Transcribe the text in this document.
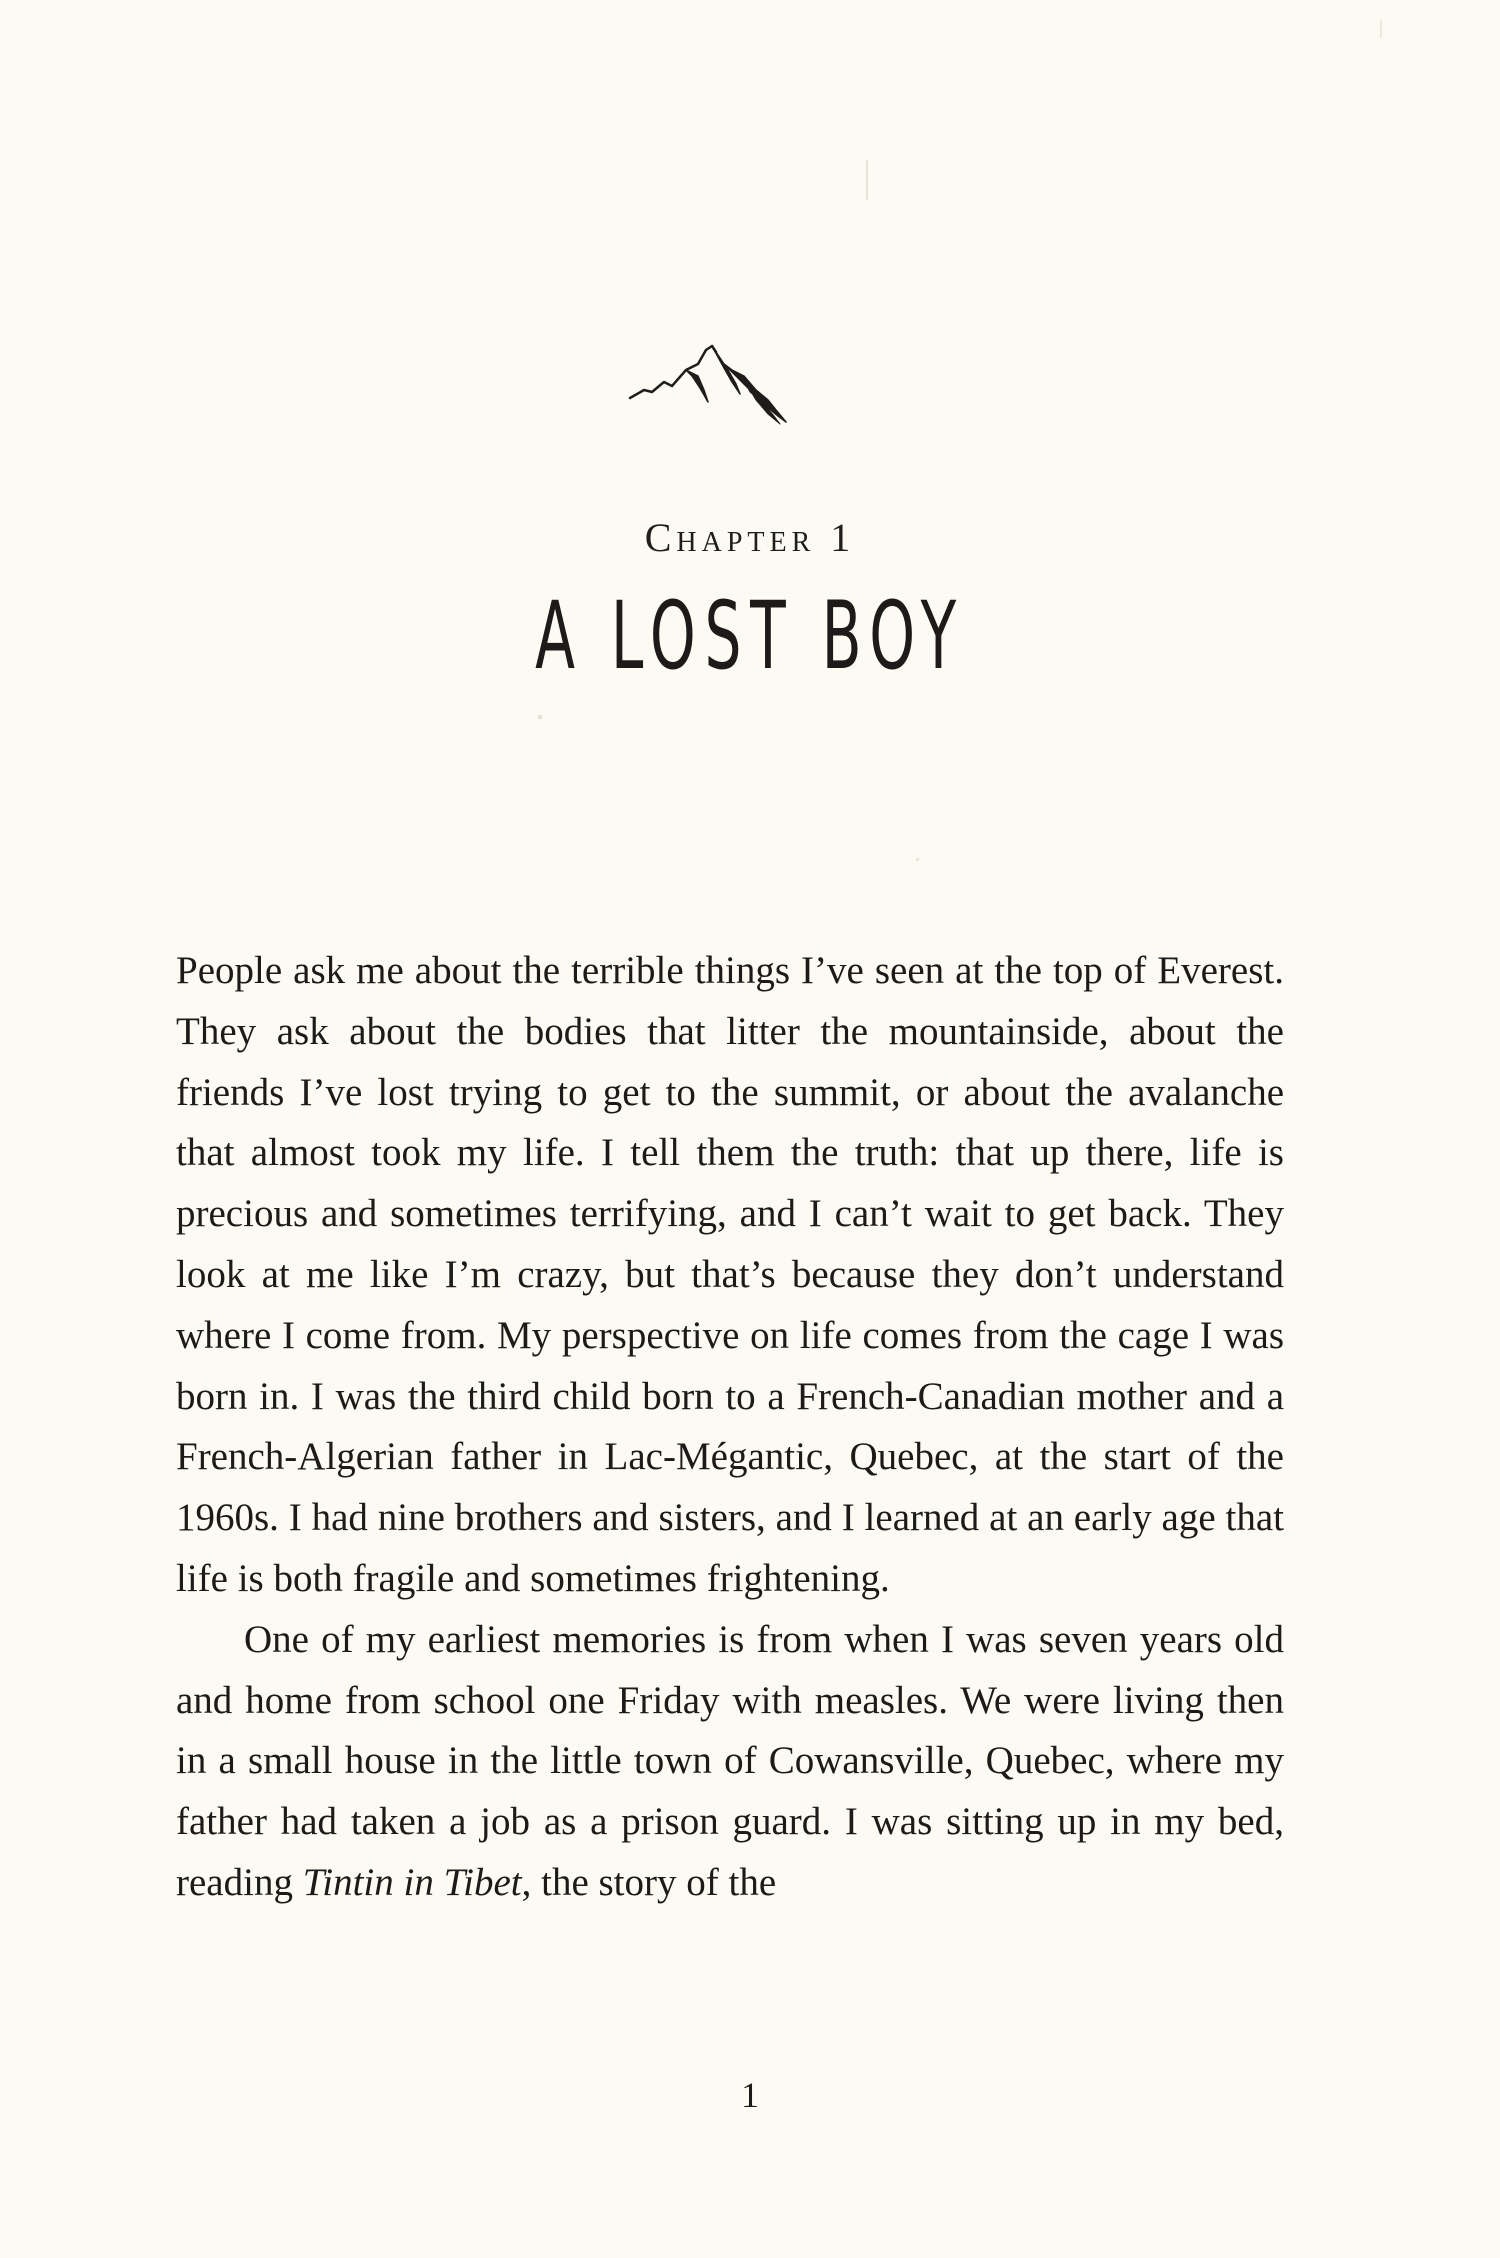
Chapter 1
A LOST BOY

People ask me about the terrible things I’ve seen at the top of Everest. They ask about the bodies that litter the mountainside, about the friends I’ve lost trying to get to the summit, or about the avalanche that almost took my life. I tell them the truth: that up there, life is precious and sometimes terrifying, and I can’t wait to get back. They look at me like I’m crazy, but that’s because they don’t understand where I come from. My perspective on life comes from the cage I was born in. I was the third child born to a French-Canadian mother and a French-Algerian father in Lac-Mégantic, Quebec, at the start of the 1960s. I had nine brothers and sisters, and I learned at an early age that life is both fragile and sometimes frightening.

One of my earliest memories is from when I was seven years old and home from school one Friday with measles. We were living then in a small house in the little town of Cowansville, Quebec, where my father had taken a job as a prison guard. I was sitting up in my bed, reading Tintin in Tibet, the story of the

1
